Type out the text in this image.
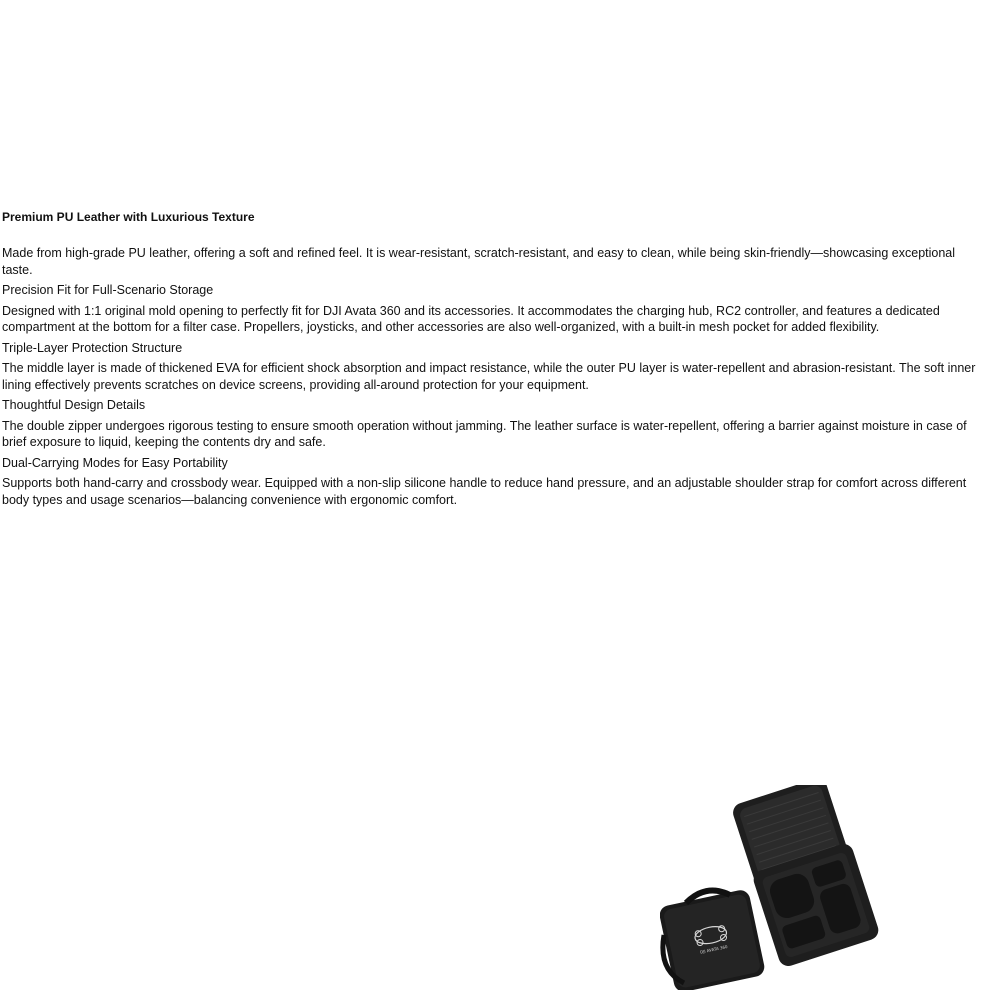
Premium PU Leather with Luxurious Texture

Made from high-grade PU leather, offering a soft and refined feel. It is wear-resistant, scratch-resistant, and easy to clean, while being skin-friendly—showcasing exceptional taste.

Precision Fit for Full-Scenario Storage

Designed with 1:1 original mold opening to perfectly fit for DJI Avata 360 and its accessories. It accommodates the charging hub, RC2 controller, and features a dedicated compartment at the bottom for a filter case. Propellers, joysticks, and other accessories are also well-organized, with a built-in mesh pocket for added flexibility.

Triple-Layer Protection Structure

The middle layer is made of thickened EVA for efficient shock absorption and impact resistance, while the outer PU layer is water-repellent and abrasion-resistant. The soft inner lining effectively prevents scratches on device screens, providing all-around protection for your equipment.

Thoughtful Design Details

The double zipper undergoes rigorous testing to ensure smooth operation without jamming. The leather surface is water-repellent, offering a barrier against moisture in case of brief exposure to liquid, keeping the contents dry and safe.

Dual-Carrying Modes for Easy Portability

Supports both hand-carry and crossbody wear. Equipped with a non-slip silicone handle to reduce hand pressure, and an adjustable shoulder strap for comfort across different body types and usage scenarios—balancing convenience with ergonomic comfort.

DJI AVATA 360
